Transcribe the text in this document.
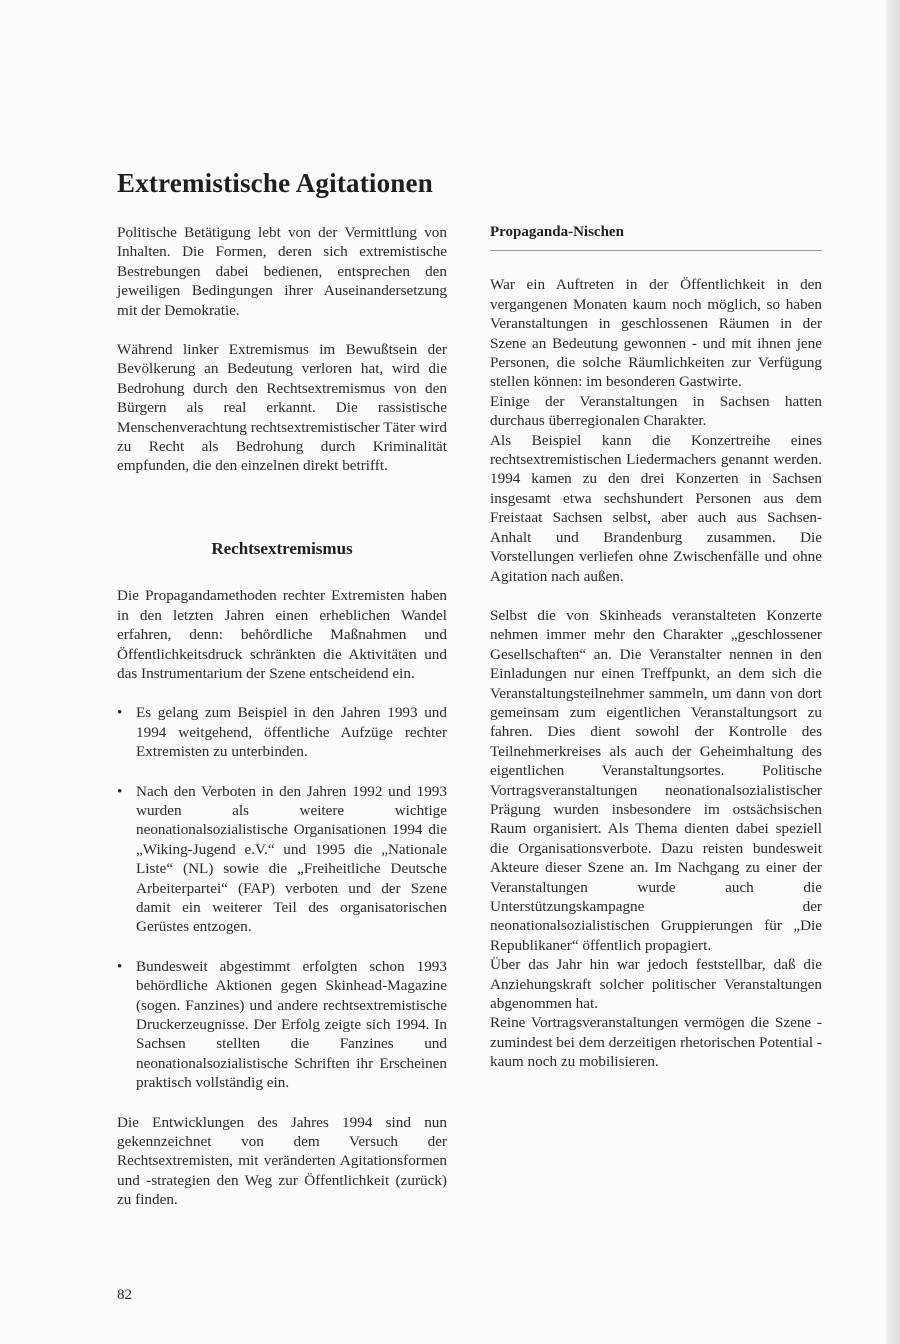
Extremistische Agitationen

Politische Betätigung lebt von der Vermittlung von Inhalten. Die Formen, deren sich extremistische Bestrebungen dabei bedienen, entsprechen den jeweiligen Bedingungen ihrer Auseinandersetzung mit der Demokratie.

Während linker Extremismus im Bewußtsein der Bevölkerung an Bedeutung verloren hat, wird die Bedrohung durch den Rechtsextremismus von den Bürgern als real erkannt. Die rassistische Menschenverachtung rechtsextremistischer Täter wird zu Recht als Bedrohung durch Kriminalität empfunden, die den einzelnen direkt betrifft.

Rechtsextremismus

Die Propagandamethoden rechter Extremisten haben in den letzten Jahren einen erheblichen Wandel erfahren, denn: behördliche Maßnahmen und Öffentlichkeitsdruck schränkten die Aktivitäten und das Instrumentarium der Szene entscheidend ein.

• Es gelang zum Beispiel in den Jahren 1993 und 1994 weitgehend, öffentliche Aufzüge rechter Extremisten zu unterbinden.
• Nach den Verboten in den Jahren 1992 und 1993 wurden als weitere wichtige neonationalsozialistische Organisationen 1994 die „Wiking-Jugend e.V.“ und 1995 die „Nationale Liste“ (NL) sowie die „Freiheitliche Deutsche Arbeiterpartei“ (FAP) verboten und der Szene damit ein weiterer Teil des organisatorischen Gerüstes entzogen.
• Bundesweit abgestimmt erfolgten schon 1993 behördliche Aktionen gegen Skinhead-Magazine (sogen. Fanzines) und andere rechtsextremistische Druckerzeugnisse. Der Erfolg zeigte sich 1994. In Sachsen stellten die Fanzines und neonationalsozialistische Schriften ihr Erscheinen praktisch vollständig ein.

Die Entwicklungen des Jahres 1994 sind nun gekennzeichnet von dem Versuch der Rechtsextremisten, mit veränderten Agitationsformen und -strategien den Weg zur Öffentlichkeit (zurück) zu finden.

Propaganda-Nischen

War ein Auftreten in der Öffentlichkeit in den vergangenen Monaten kaum noch möglich, so haben Veranstaltungen in geschlossenen Räumen in der Szene an Bedeutung gewonnen - und mit ihnen jene Personen, die solche Räumlichkeiten zur Verfügung stellen können: im besonderen Gastwirte.

Einige der Veranstaltungen in Sachsen hatten durchaus überregionalen Charakter.

Als Beispiel kann die Konzertreihe eines rechtsextremistischen Liedermachers genannt werden. 1994 kamen zu den drei Konzerten in Sachsen insgesamt etwa sechshundert Personen aus dem Freistaat Sachsen selbst, aber auch aus Sachsen-Anhalt und Brandenburg zusammen. Die Vorstellungen verliefen ohne Zwischenfälle und ohne Agitation nach außen.

Selbst die von Skinheads veranstalteten Konzerte nehmen immer mehr den Charakter „geschlossener Gesellschaften“ an. Die Veranstalter nennen in den Einladungen nur einen Treffpunkt, an dem sich die Veranstaltungsteilnehmer sammeln, um dann von dort gemeinsam zum eigentlichen Veranstaltungsort zu fahren. Dies dient sowohl der Kontrolle des Teilnehmerkreises als auch der Geheimhaltung des eigentlichen Veranstaltungsortes. Politische Vortragsveranstaltungen neonationalsozialistischer Prägung wurden insbesondere im ostsächsischen Raum organisiert. Als Thema dienten dabei speziell die Organisationsverbote. Dazu reisten bundesweit Akteure dieser Szene an. Im Nachgang zu einer der Veranstaltungen wurde auch die Unterstützungskampagne der neonationalsozialistischen Gruppierungen für „Die Republikaner“ öffentlich propagiert.

Über das Jahr hin war jedoch feststellbar, daß die Anziehungskraft solcher politischer Veranstaltungen abgenommen hat.

Reine Vortragsveranstaltungen vermögen die Szene - zumindest bei dem derzeitigen rhetorischen Potential - kaum noch zu mobilisieren.

82
